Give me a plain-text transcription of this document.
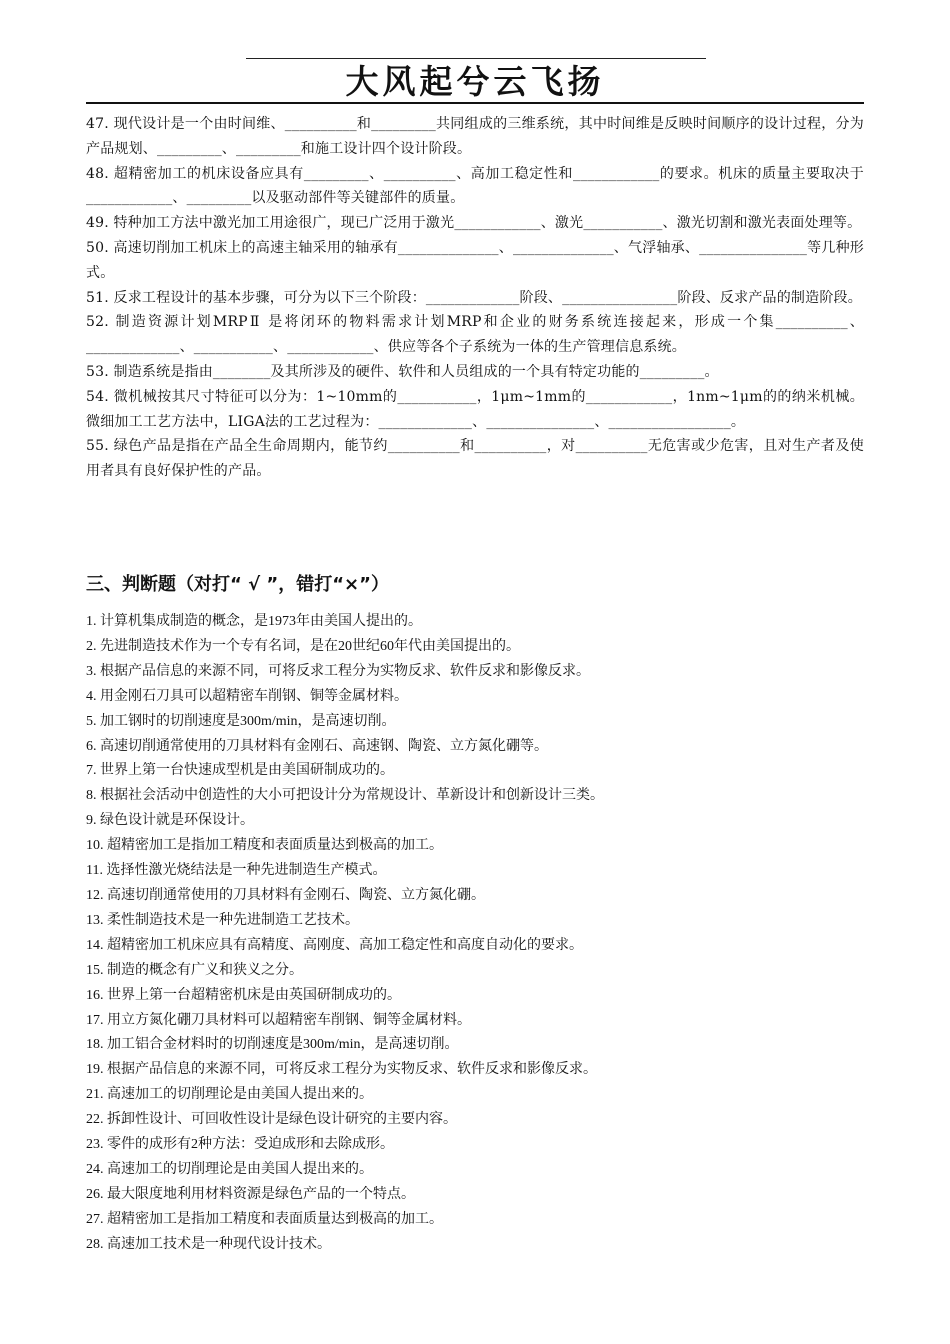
大风起兮云飞扬

47. 现代设计是一个由时间维、__________和_________共同组成的三维系统，其中时间维是反映时间顺序的设计过程，分为产品规划、_________、_________和施工设计四个设计阶段。

48. 超精密加工的机床设备应具有_________、__________、高加工稳定性和____________的要求。机床的质量主要取决于____________、_________以及驱动部件等关键部件的质量。

49. 特种加工方法中激光加工用途很广，现已广泛用于激光____________、激光___________、激光切割和激光表面处理等。

50. 高速切削加工机床上的高速主轴采用的轴承有______________、______________、气浮轴承、_______________等几种形式。

51. 反求工程设计的基本步骤，可分为以下三个阶段：_____________阶段、________________阶段、反求产品的制造阶段。

52. 制造资源计划MRPⅡ 是将闭环的物料需求计划MRP和企业的财务系统连接起来，形成一个集__________、_____________、___________、____________、供应等各个子系统为一体的生产管理信息系统。

53. 制造系统是指由________及其所涉及的硬件、软件和人员组成的一个具有特定功能的_________。

54. 微机械按其尺寸特征可以分为：1~10mm的___________，1μm~1mm的____________，1nm~1μm的的纳米机械。微细加工工艺方法中，LIGA法的工艺过程为：_____________、_______________、_________________。

55. 绿色产品是指在产品全生命周期内，能节约__________和__________，对__________无危害或少危害，且对生产者及使用者具有良好保护性的产品。

三、判断题（对打“ √ ”，错打“×”）

1. 计算机集成制造的概念，是1973年由美国人提出的。

2. 先进制造技术作为一个专有名词，是在20世纪60年代由美国提出的。

3. 根据产品信息的来源不同，可将反求工程分为实物反求、软件反求和影像反求。

4. 用金刚石刀具可以超精密车削钢、铜等金属材料。

5. 加工钢时的切削速度是300m/min，是高速切削。

6. 高速切削通常使用的刀具材料有金刚石、高速钢、陶瓷、立方氮化硼等。

7. 世界上第一台快速成型机是由美国研制成功的。

8. 根据社会活动中创造性的大小可把设计分为常规设计、革新设计和创新设计三类。

9. 绿色设计就是环保设计。

10. 超精密加工是指加工精度和表面质量达到极高的加工。

11. 选择性激光烧结法是一种先进制造生产模式。

12. 高速切削通常使用的刀具材料有金刚石、陶瓷、立方氮化硼。

13. 柔性制造技术是一种先进制造工艺技术。

14. 超精密加工机床应具有高精度、高刚度、高加工稳定性和高度自动化的要求。

15. 制造的概念有广义和狭义之分。

16. 世界上第一台超精密机床是由英国研制成功的。

17. 用立方氮化硼刀具材料可以超精密车削钢、铜等金属材料。

18. 加工铝合金材料时的切削速度是300m/min，是高速切削。

19. 根据产品信息的来源不同，可将反求工程分为实物反求、软件反求和影像反求。

21. 高速加工的切削理论是由美国人提出来的。

22. 拆卸性设计、可回收性设计是绿色设计研究的主要内容。

23. 零件的成形有2种方法：受迫成形和去除成形。

24. 高速加工的切削理论是由美国人提出来的。

26. 最大限度地利用材料资源是绿色产品的一个特点。

27. 超精密加工是指加工精度和表面质量达到极高的加工。

28. 高速加工技术是一种现代设计技术。
